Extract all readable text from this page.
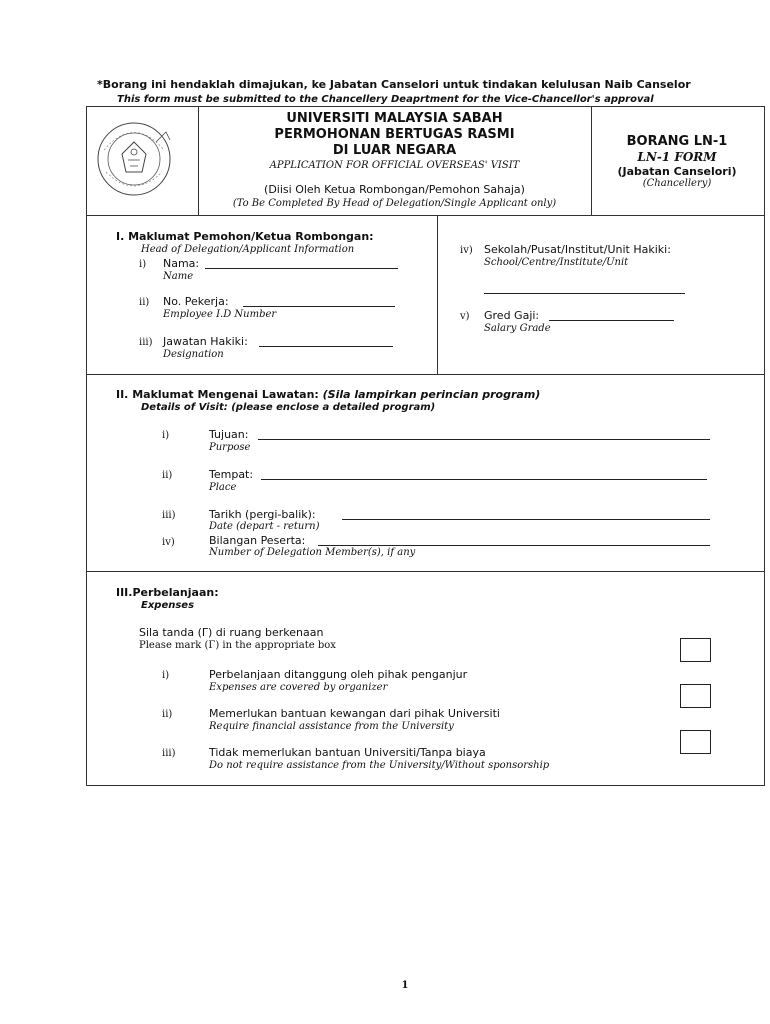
*Borang ini hendaklah dimajukan, ke Jabatan Canselori untuk tindakan kelulusan Naib Canselor
This form must be submitted to the Chancellery Deaprtment for the Vice-Chancellor's approval
UNIVERSITI MALAYSIA SABAH
PERMOHONAN BERTUGAS RASMI
DI LUAR NEGARA
APPLICATION FOR OFFICIAL OVERSEAS' VISIT
(Diisi Oleh Ketua Rombongan/Pemohon Sahaja)
(To Be Completed By Head of Delegation/Single Applicant only)
BORANG LN-1
LN-1 FORM
(Jabatan Canselori)
(Chancellery)
I. Maklumat Pemohon/Ketua Rombongan:
Head of Delegation/Applicant Information
i) Nama:
Name
ii) No. Pekerja:
Employee I.D Number
iii) Jawatan Hakiki:
Designation
iv) Sekolah/Pusat/Institut/Unit Hakiki:
School/Centre/Institute/Unit
v) Gred Gaji:
Salary Grade
II. Maklumat Mengenai Lawatan: (Sila lampirkan perincian program)
Details of Visit: (please enclose a detailed program)
i)	Tujuan:
Purpose
ii)	Tempat:
Place
iii)	Tarikh (pergi-balik):
Date (depart - return)
iv)	Bilangan Peserta:
Number of Delegation Member(s), if any
III.Perbelanjaan:
Expenses
Sila tanda (Γ) di ruang berkenaan
Please mark (Γ) in the appropriate box
i)	Perbelanjaan ditanggung oleh pihak penganjur
Expenses are covered by organizer
ii)	Memerlukan bantuan kewangan dari pihak Universiti
Require financial assistance from the University
iii)	Tidak memerlukan bantuan Universiti/Tanpa biaya
Do not require assistance from the University/Without sponsorship
1
